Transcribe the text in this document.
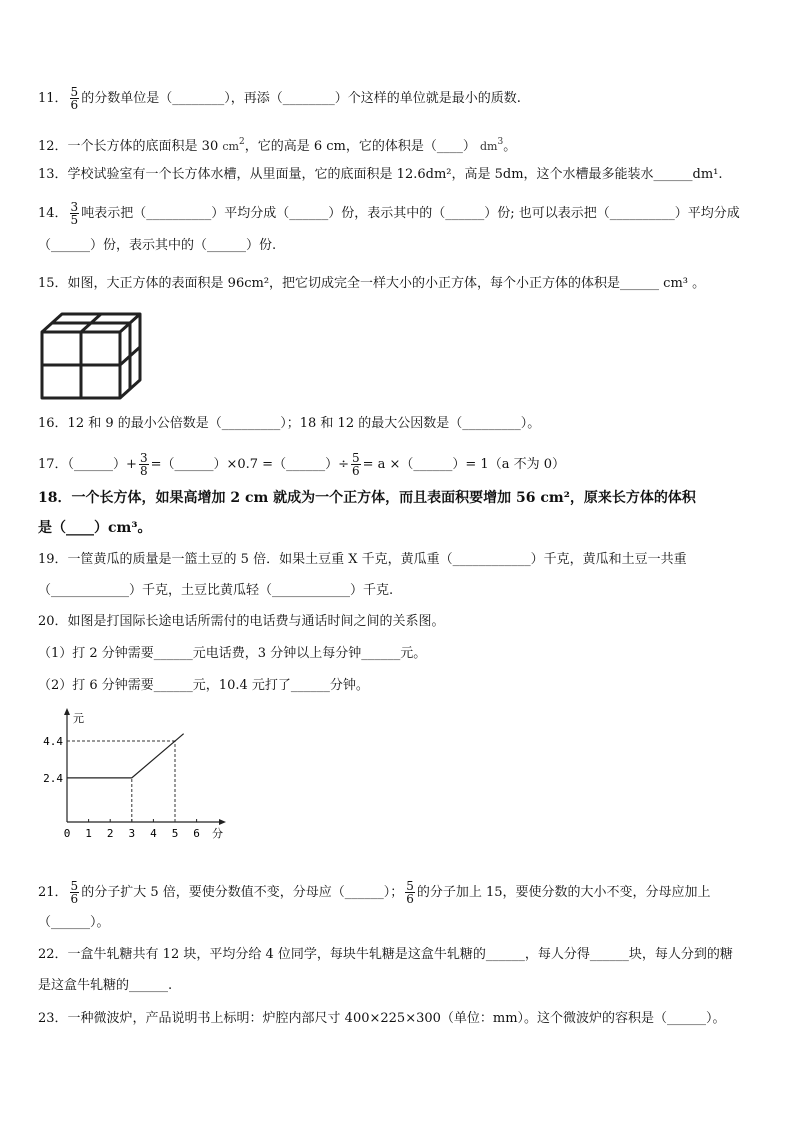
11． $\frac{5}{6}$ 的分数单位是（________），再添（________）个这样的单位就是最小的质数.
12．一个长方体的底面积是 30 $cm^2$，它的高是 6 cm，它的体积是（____） $dm^3$。
13．学校试验室有一个长方体水槽，从里面量，它的底面积是 12.6dm²，高是 5dm，这个水槽最多能装水______dm¹.
14． $\frac{3}{5}$ 吨表示把（__________）平均分成（______）份，表示其中的（______）份; 也可以表示把（__________）平均分成
（______）份，表示其中的（______）份.
15．如图，大正方体的表面积是 96cm²，把它切成完全一样大小的小正方体，每个小正方体的体积是______ cm³ 。
16．12 和 9 的最小公倍数是（_________）；18 和 12 的最大公因数是（_________）。
17．（______）+ $\frac{3}{8}$ =（______）×0.7 =（______）÷ $\frac{5}{6} = a$ ×（______）= 1（a 不为 0）
18．一个长方体，如果高增加 2 cm 就成为一个正方体，而且表面积要增加 56 cm²，原来长方体的体积
是（____）cm³。
19．一筐黄瓜的质量是一篮土豆的 5 倍．如果土豆重 X 千克，黄瓜重（____________）千克，黄瓜和土豆一共重
（____________）千克，土豆比黄瓜轻（____________）千克.
20．如图是打国际长途电话所需付的电话费与通话时间之间的关系图。
（1）打 2 分钟需要______元电话费，3 分钟以上每分钟______元。
（2）打 6 分钟需要______元，10.4 元打了______分钟。
元
分
0 1 2 3 4 5 6
2.4
4.4
21． $\frac{5}{6}$ 的分子扩大 5 倍，要使分数值不变，分母应（______）； $\frac{5}{6}$ 的分子加上 15，要使分数的大小不变，分母应加上
（______）。
22．一盒牛轧糖共有 12 块，平均分给 4 位同学，每块牛轧糖是这盒牛轧糖的______，每人分得______块，每人分到的糖
是这盒牛轧糖的______.
23．一种微波炉，产品说明书上标明：炉腔内部尺寸 400×225×300（单位：mm）。这个微波炉的容积是（______）。
